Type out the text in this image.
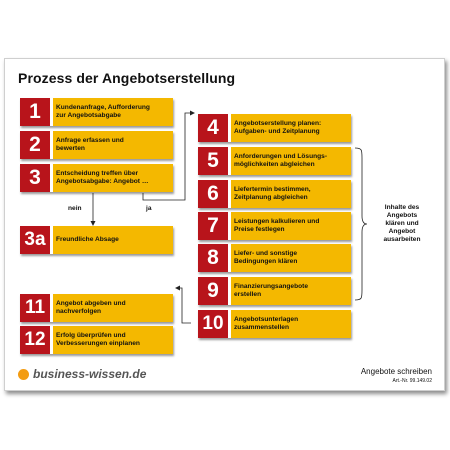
Prozess der Angebotserstellung
1	Kundenanfrage, Aufforderung
zur Angebotsabgabe
2	Anfrage erfassen und
bewerten
3	Entscheidung treffen über
Angebotsabgabe: Angebot …
nein	ja
3a	Freundliche Absage
11	Angebot abgeben und
nachverfolgen
12	Erfolg überprüfen und
Verbesserungen einplanen
4	Angebotserstellung planen:
Aufgaben- und Zeitplanung
5	Anforderungen und Lösungs-
möglichkeiten abgleichen
6	Liefertermin bestimmen,
Zeitplanung abgleichen
7	Leistungen kalkulieren und
Preise festlegen
8	Liefer- und sonstige
Bedingungen klären
9	Finanzierungsangebote
erstellen
10	Angebotsunterlagen
zusammenstellen
Inhalte des
Angebots
klären und
Angebot
ausarbeiten
business-wissen.de	Angebote schreiben
Art.-Nr. 99.149.02
